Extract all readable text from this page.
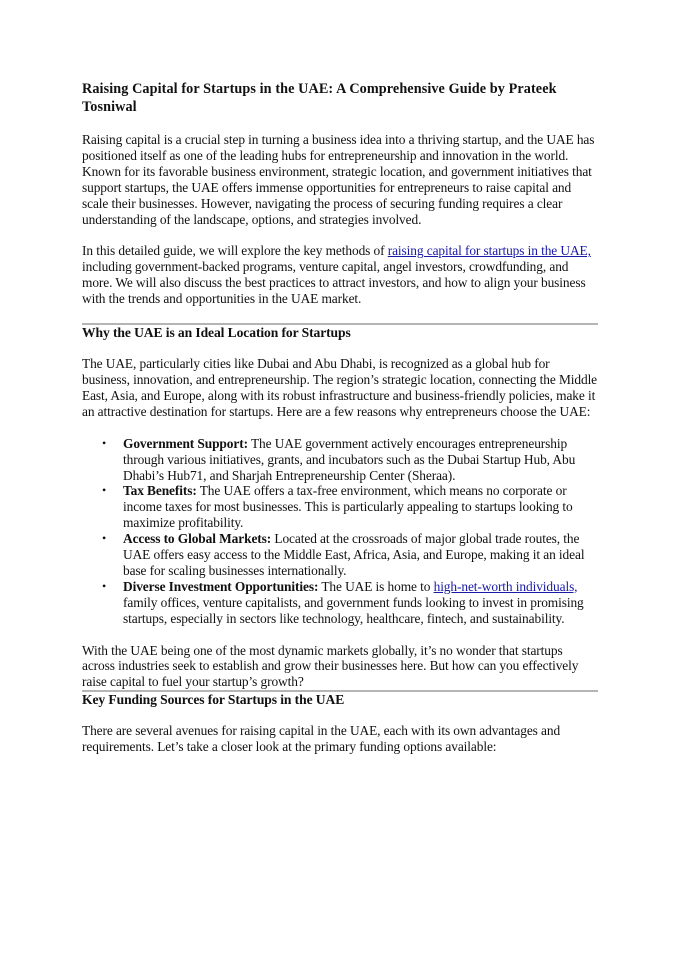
Raising Capital for Startups in the UAE: A Comprehensive Guide by Prateek Tosniwal

Raising capital is a crucial step in turning a business idea into a thriving startup, and the UAE has positioned itself as one of the leading hubs for entrepreneurship and innovation in the world. Known for its favorable business environment, strategic location, and government initiatives that support startups, the UAE offers immense opportunities for entrepreneurs to raise capital and scale their businesses. However, navigating the process of securing funding requires a clear understanding of the landscape, options, and strategies involved.

In this detailed guide, we will explore the key methods of raising capital for startups in the UAE, including government-backed programs, venture capital, angel investors, crowdfunding, and more. We will also discuss the best practices to attract investors, and how to align your business with the trends and opportunities in the UAE market.

Why the UAE is an Ideal Location for Startups

The UAE, particularly cities like Dubai and Abu Dhabi, is recognized as a global hub for business, innovation, and entrepreneurship. The region’s strategic location, connecting the Middle East, Asia, and Europe, along with its robust infrastructure and business-friendly policies, make it an attractive destination for startups. Here are a few reasons why entrepreneurs choose the UAE:

• Government Support: The UAE government actively encourages entrepreneurship through various initiatives, grants, and incubators such as the Dubai Startup Hub, Abu Dhabi’s Hub71, and Sharjah Entrepreneurship Center (Sheraa).
• Tax Benefits: The UAE offers a tax-free environment, which means no corporate or income taxes for most businesses. This is particularly appealing to startups looking to maximize profitability.
• Access to Global Markets: Located at the crossroads of major global trade routes, the UAE offers easy access to the Middle East, Africa, Asia, and Europe, making it an ideal base for scaling businesses internationally.
• Diverse Investment Opportunities: The UAE is home to high-net-worth individuals, family offices, venture capitalists, and government funds looking to invest in promising startups, especially in sectors like technology, healthcare, fintech, and sustainability.

With the UAE being one of the most dynamic markets globally, it’s no wonder that startups across industries seek to establish and grow their businesses here. But how can you effectively raise capital to fuel your startup’s growth?

Key Funding Sources for Startups in the UAE

There are several avenues for raising capital in the UAE, each with its own advantages and requirements. Let’s take a closer look at the primary funding options available:
